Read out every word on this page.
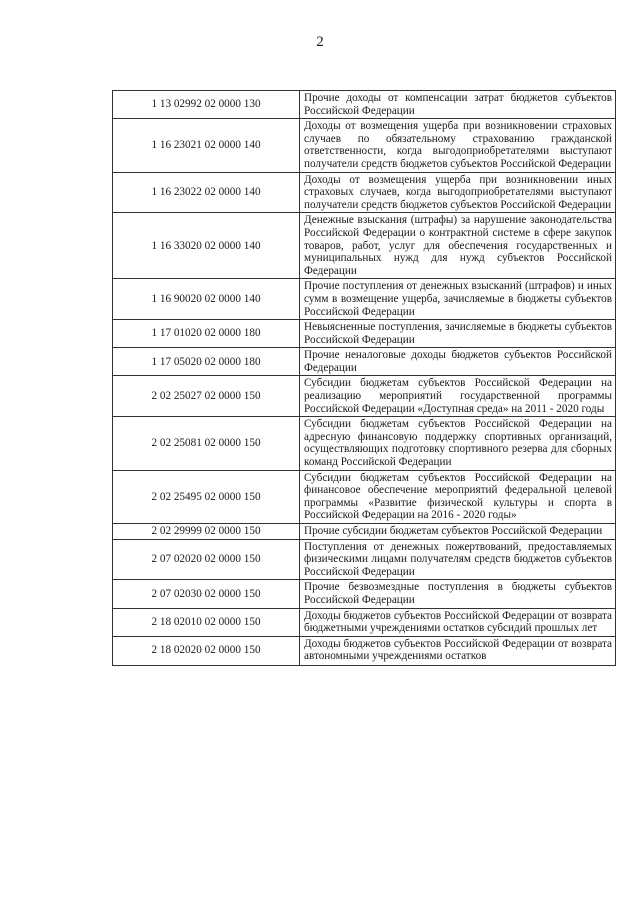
2
1 13 02992 02 0000 130	Прочие доходы от компенсации затрат бюджетов субъектов Российской Федерации
1 16 23021 02 0000 140	Доходы от возмещения ущерба при возникновении страховых случаев по обязательному страхованию гражданской ответственности, когда выгодоприобретателями выступают получатели средств бюджетов субъектов Российской Федерации
1 16 23022 02 0000 140	Доходы от возмещения ущерба при возникновении иных страховых случаев, когда выгодоприобретателями выступают получатели средств бюджетов субъектов Российской Федерации
1 16 33020 02 0000 140	Денежные взыскания (штрафы) за нарушение законодательства Российской Федерации о контрактной системе в сфере закупок товаров, работ, услуг для обеспечения государственных и муниципальных нужд для нужд субъектов Российской Федерации
1 16 90020 02 0000 140	Прочие поступления от денежных взысканий (штрафов) и иных сумм в возмещение ущерба, зачисляемые в бюджеты субъектов Российской Федерации
1 17 01020 02 0000 180	Невыясненные поступления, зачисляемые в бюджеты субъектов Российской Федерации
1 17 05020 02 0000 180	Прочие неналоговые доходы бюджетов субъектов Российской Федерации
2 02 25027 02 0000 150	Субсидии бюджетам субъектов Российской Федерации на реализацию мероприятий государственной программы Российской Федерации «Доступная среда» на 2011 - 2020 годы
2 02 25081 02 0000 150	Субсидии бюджетам субъектов Российской Федерации на адресную финансовую поддержку спортивных организаций, осуществляющих подготовку спортивного резерва для сборных команд Российской Федерации
2 02 25495 02 0000 150	Субсидии бюджетам субъектов Российской Федерации на финансовое обеспечение мероприятий федеральной целевой программы «Развитие физической культуры и спорта в Российской Федерации на 2016 - 2020 годы»
2 02 29999 02 0000 150	Прочие субсидии бюджетам субъектов Российской Федерации
2 07 02020 02 0000 150	Поступления от денежных пожертвований, предоставляемых физическими лицами получателям средств бюджетов субъектов Российской Федерации
2 07 02030 02 0000 150	Прочие безвозмездные поступления в бюджеты субъектов Российской Федерации
2 18 02010 02 0000 150	Доходы бюджетов субъектов Российской Федерации от возврата бюджетными учреждениями остатков субсидий прошлых лет
2 18 02020 02 0000 150	Доходы бюджетов субъектов Российской Федерации от возврата автономными учреждениями остатков
